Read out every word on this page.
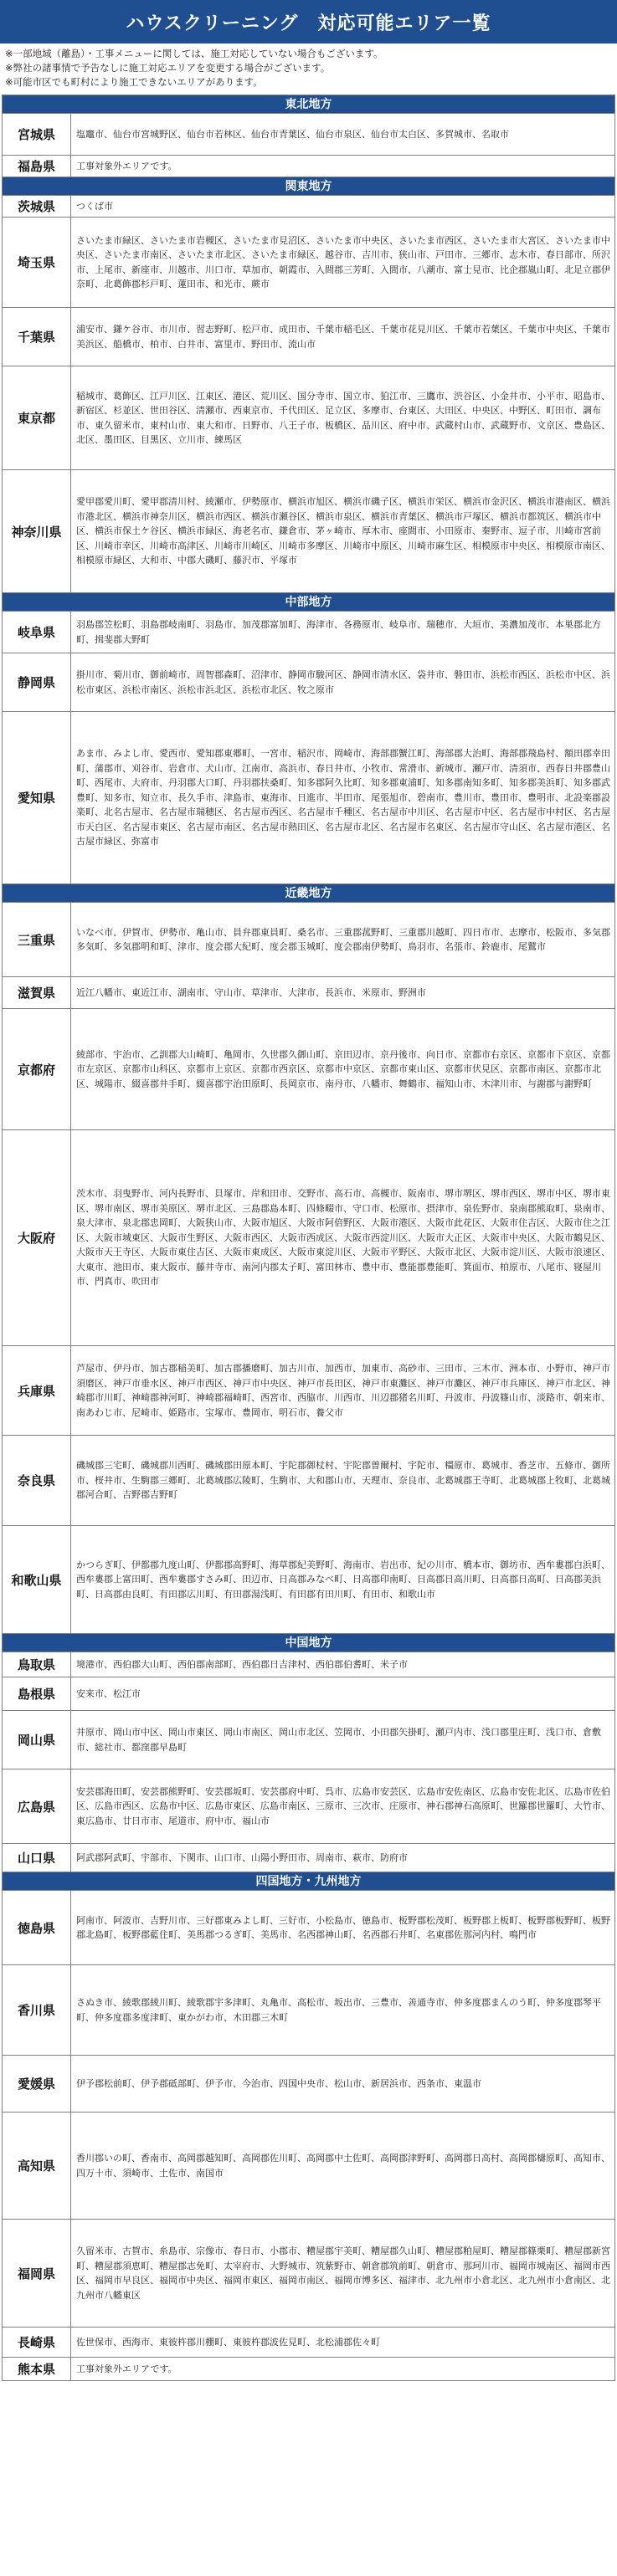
ハウスクリーニング　対応可能エリア一覧
※一部地域（離島）・工事メニューに関しては、施工対応していない場合もございます。
※弊社の諸事情で予告なしに施工対応エリアを変更する場合がございます。
※可能市区でも町村により施工できないエリアがあります。
東北地方	
宮城県	塩竈市、仙台市宮城野区、仙台市若林区、仙台市青葉区、仙台市泉区、仙台市太白区、多賀城市、名取市
福島県	工事対象外エリアです。
関東地方	
茨城県	つくば市
埼玉県	さいたま市緑区、さいたま市岩槻区、さいたま市見沼区、さいたま市中央区、さいたま市西区、さいたま市大宮区、さいたま市中央区、さいたま市南区、さいたま市北区、さいたま市緑区、越谷市、吉川市、狭山市、戸田市、三郷市、志木市、春日部市、所沢市、上尾市、新座市、川越市、川口市、草加市、朝霞市、入間郡三芳町、入間市、八潮市、富士見市、比企郡嵐山町、北足立郡伊奈町、北葛飾郡杉戸町、蓮田市、和光市、蕨市
千葉県	浦安市、鎌ケ谷市、市川市、習志野町、松戸市、成田市、千葉市稲毛区、千葉市花見川区、千葉市若葉区、千葉市中央区、千葉市美浜区、船橋市、柏市、白井市、富里市、野田市、流山市
東京都	稲城市、葛飾区、江戸川区、江東区、港区、荒川区、国分寺市、国立市、狛江市、三鷹市、渋谷区、小金井市、小平市、昭島市、新宿区、杉並区、世田谷区、清瀬市、西東京市、千代田区、足立区、多摩市、台東区、大田区、中央区、中野区、町田市、調布市、東久留米市、東村山市、東大和市、日野市、八王子市、板橋区、品川区、府中市、武蔵村山市、武蔵野市、文京区、豊島区、北区、墨田区、目黒区、立川市、練馬区
神奈川県	愛甲郡愛川町、愛甲郡清川村、綾瀬市、伊勢原市、横浜市旭区、横浜市磯子区、横浜市栄区、横浜市金沢区、横浜市港南区、横浜市港北区、横浜市神奈川区、横浜市西区、横浜市瀬谷区、横浜市泉区、横浜市青葉区、横浜市戸塚区、横浜市都筑区、横浜市中区、横浜市保土ケ谷区、横浜市緑区、海老名市、鎌倉市、茅ヶ崎市、厚木市、座間市、小田原市、秦野市、逗子市、川崎市宮前区、川崎市幸区、川崎市高津区、川崎市川崎区、川崎市多摩区、川崎市中原区、川崎市麻生区、相模原市中央区、相模原市南区、相模原市緑区、大和市、中郡大磯町、藤沢市、平塚市
中部地方	
岐阜県	羽島郡笠松町、羽島郡岐南町、羽島市、加茂郡富加町、海津市、各務原市、岐阜市、瑞穂市、大垣市、美濃加茂市、本巣郡北方町、揖斐郡大野町
静岡県	掛川市、菊川市、御前崎市、周智郡森町、沼津市、静岡市駿河区、静岡市清水区、袋井市、磐田市、浜松市西区、浜松市中区、浜松市東区、浜松市南区、浜松市浜北区、浜松市北区、牧之原市
愛知県	あま市、みよし市、愛西市、愛知郡東郷町、一宮市、稲沢市、岡崎市、海部郡蟹江町、海部郡大治町、海部郡飛島村、額田郡幸田町、蒲郡市、刈谷市、岩倉市、犬山市、江南市、高浜市、春日井市、小牧市、常滑市、新城市、瀬戸市、清須市、西春日井郡豊山町、西尾市、大府市、丹羽郡大口町、丹羽郡扶桑町、知多郡阿久比町、知多郡東浦町、知多郡南知多町、知多郡美浜町、知多郡武豊町、知多市、知立市、長久手市、津島市、東海市、日進市、半田市、尾張旭市、碧南市、豊川市、豊田市、豊明市、北設楽郡設楽町、北名古屋市、名古屋市瑞穂区、名古屋市西区、名古屋市千種区、名古屋市中川区、名古屋市中区、名古屋市中村区、名古屋市天白区、名古屋市東区、名古屋市南区、名古屋市熱田区、名古屋市北区、名古屋市名東区、名古屋市守山区、名古屋市港区、名古屋市緑区、弥富市
近畿地方	
三重県	いなべ市、伊賀市、伊勢市、亀山市、員弁郡東員町、桑名市、三重郡菰野町、三重郡川越町、四日市市、志摩市、松阪市、多気郡多気町、多気郡明和町、津市、度会郡大紀町、度会郡玉城町、度会郡南伊勢町、鳥羽市、名張市、鈴鹿市、尾鷲市
滋賀県	近江八幡市、東近江市、湖南市、守山市、草津市、大津市、長浜市、米原市、野洲市
京都府	綾部市、宇治市、乙訓郡大山崎町、亀岡市、久世郡久御山町、京田辺市、京丹後市、向日市、京都市右京区、京都市下京区、京都市左京区、京都市山科区、京都市上京区、京都市西京区、京都市中京区、京都市東山区、京都市伏見区、京都市南区、京都市北区、城陽市、綴喜郡井手町、綴喜郡宇治田原町、長岡京市、南丹市、八幡市、舞鶴市、福知山市、木津川市、与謝郡与謝野町
大阪府	茨木市、羽曳野市、河内長野市、貝塚市、岸和田市、交野市、高石市、高槻市、阪南市、堺市堺区、堺市西区、堺市中区、堺市東区、堺市南区、堺市美原区、堺市北区、三島郡島本町、四條畷市、守口市、松原市、摂津市、泉佐野市、泉南郡熊取町、泉南市、泉大津市、泉北郡忠岡町、大阪狭山市、大阪市旭区、大阪市阿倍野区、大阪市港区、大阪市此花区、大阪市住吉区、大阪市住之江区、大阪市城東区、大阪市生野区、大阪市西区、大阪市西成区、大阪市西淀川区、大阪市大正区、大阪市中央区、大阪市鶴見区、大阪市天王寺区、大阪市東住吉区、大阪市東成区、大阪市東淀川区、大阪市平野区、大阪市北区、大阪市淀川区、大阪市浪速区、大東市、池田市、東大阪市、藤井寺市、南河内郡太子町、富田林市、豊中市、豊能郡豊能町、箕面市、柏原市、八尾市、寝屋川市、門真市、吹田市
兵庫県	芦屋市、伊丹市、加古郡稲美町、加古郡播磨町、加古川市、加西市、加東市、高砂市、三田市、三木市、洲本市、小野市、神戸市須磨区、神戸市垂水区、神戸市西区、神戸市中央区、神戸市長田区、神戸市東灘区、神戸市灘区、神戸市兵庫区、神戸市北区、神崎郡市川町、神崎郡神河町、神崎郡福崎町、西宮市、西脇市、川西市、川辺郡猪名川町、丹波市、丹波篠山市、淡路市、朝来市、南あわじ市、尼崎市、姫路市、宝塚市、豊岡市、明石市、養父市
奈良県	磯城郡三宅町、磯城郡川西町、磯城郡田原本町、宇陀郡御杖村、宇陀郡曽爾村、宇陀市、橿原市、葛城市、香芝市、五條市、御所市、桜井市、生駒郡三郷町、北葛城郡広陵町、生駒市、大和郡山市、天理市、奈良市、北葛城郡王寺町、北葛城郡上牧町、北葛城郡河合町、吉野郡吉野町
和歌山県	かつらぎ町、伊都郡九度山町、伊都郡高野町、海草郡紀美野町、海南市、岩出市、紀の川市、橋本市、御坊市、西牟婁郡白浜町、西牟婁郡上富田町、西牟婁郡すさみ町、田辺市、日高郡みなべ町、日高郡印南町、日高郡日高川町、日高郡日高町、日高郡美浜町、日高郡由良町、有田郡広川町、有田郡湯浅町、有田郡有田川町、有田市、和歌山市
中国地方	
鳥取県	境港市、西伯郡大山町、西伯郡南部町、西伯郡日吉津村、西伯郡伯耆町、米子市
島根県	安来市、松江市
岡山県	井原市、岡山市中区、岡山市東区、岡山市南区、岡山市北区、笠岡市、小田郡矢掛町、瀬戸内市、浅口郡里庄町、浅口市、倉敷市、総社市、都窪郡早島町
広島県	安芸郡海田町、安芸郡熊野町、安芸郡坂町、安芸郡府中町、呉市、広島市安芸区、広島市安佐南区、広島市安佐北区、広島市佐伯区、広島市西区、広島市中区、広島市東区、広島市南区、三原市、三次市、庄原市、神石郡神石高原町、世羅郡世羅町、大竹市、東広島市、廿日市市、尾道市、府中市、福山市
山口県	阿武郡阿武町、宇部市、下関市、山口市、山陽小野田市、周南市、萩市、防府市
四国地方・九州地方	
徳島県	阿南市、阿波市、吉野川市、三好郡東みよし町、三好市、小松島市、徳島市、板野郡松茂町、板野郡上板町、板野郡板野町、板野郡北島町、板野郡藍住町、美馬郡つるぎ町、美馬市、名西郡神山町、名西郡石井町、名東郡佐那河内村、鳴門市
香川県	さぬき市、綾歌郡綾川町、綾歌郡宇多津町、丸亀市、高松市、坂出市、三豊市、善通寺市、仲多度郡まんのう町、仲多度郡琴平町、仲多度郡多度津町、東かがわ市、木田郡三木町
愛媛県	伊予郡松前町、伊予郡砥部町、伊予市、今治市、四国中央市、松山市、新居浜市、西条市、東温市
高知県	香川郡いの町、香南市、高岡郡越知町、高岡郡佐川町、高岡郡中土佐町、高岡郡津野町、高岡郡日高村、高岡郡檮原町、高知市、四万十市、須崎市、土佐市、南国市
福岡県	久留米市、古賀市、糸島市、宗像市、春日市、小郡市、糟屋郡宇美町、糟屋郡久山町、糟屋郡粕屋町、糟屋郡篠栗町、糟屋郡新宮町、糟屋郡須恵町、糟屋郡志免町、太宰府市、大野城市、筑紫野市、朝倉郡筑前町、朝倉市、那珂川市、福岡市城南区、福岡市西区、福岡市早良区、福岡市中央区、福岡市東区、福岡市南区、福岡市博多区、福津市、北九州市小倉北区、北九州市小倉南区、北九州市八幡東区
長崎県	佐世保市、西海市、東彼杵郡川棚町、東彼杵郡波佐見町、北松浦郡佐々町
熊本県	工事対象外エリアです。
